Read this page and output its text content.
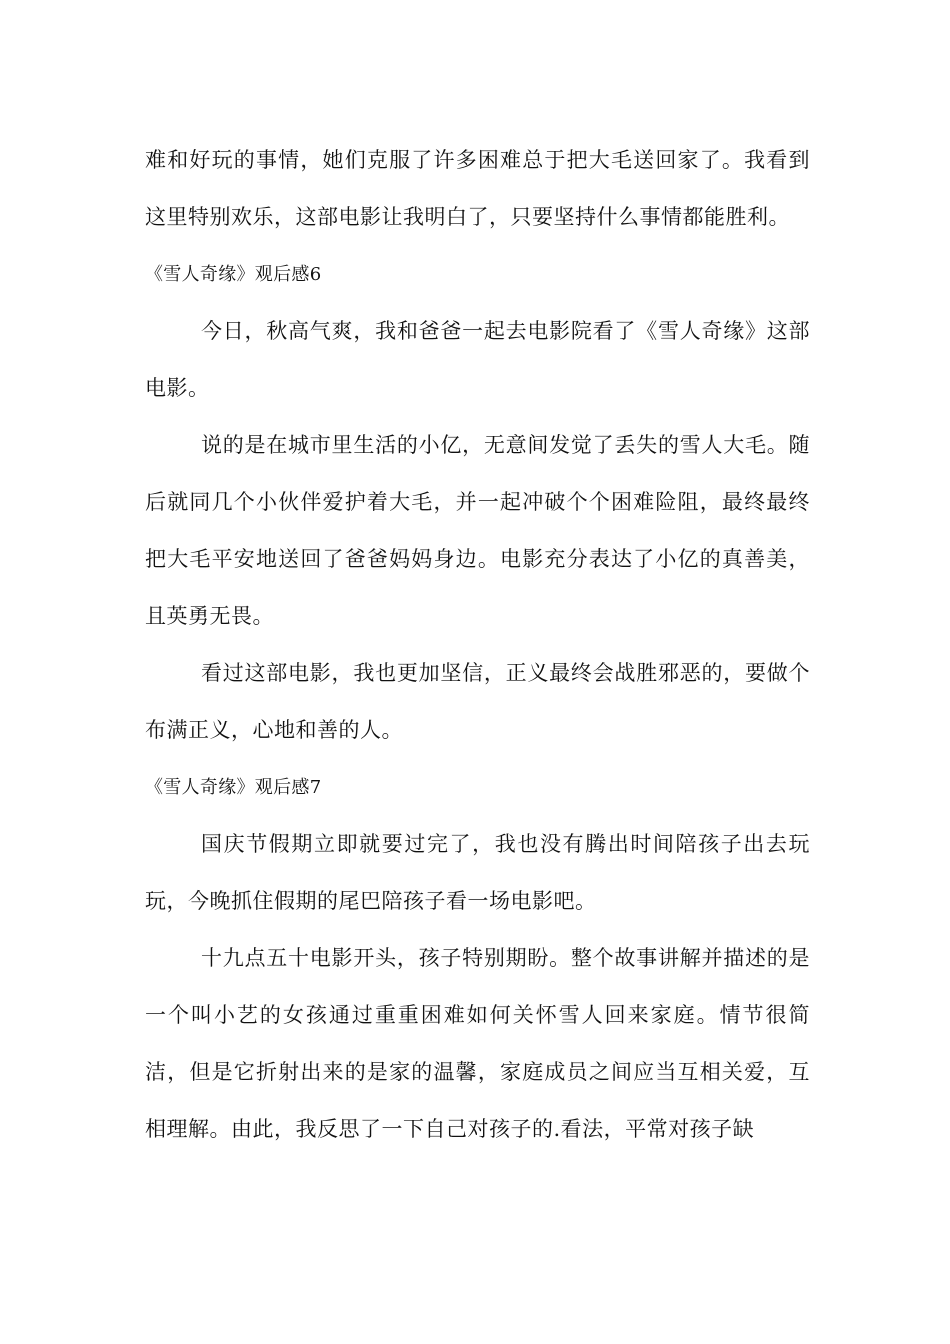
难和好玩的事情，她们克服了许多困难总于把大毛送回家了。我看到这里特别欢乐，这部电影让我明白了，只要坚持什么事情都能胜利。

《雪人奇缘》观后感6

今日，秋高气爽，我和爸爸一起去电影院看了《雪人奇缘》这部电影。

说的是在城市里生活的小亿，无意间发觉了丢失的雪人大毛。随后就同几个小伙伴爱护着大毛，并一起冲破个个困难险阻，最终最终把大毛平安地送回了爸爸妈妈身边。电影充分表达了小亿的真善美，且英勇无畏。

看过这部电影，我也更加坚信，正义最终会战胜邪恶的，要做个布满正义，心地和善的人。

《雪人奇缘》观后感7

国庆节假期立即就要过完了，我也没有腾出时间陪孩子出去玩玩，今晚抓住假期的尾巴陪孩子看一场电影吧。

十九点五十电影开头，孩子特别期盼。整个故事讲解并描述的是一个叫小艺的女孩通过重重困难如何关怀雪人回来家庭。情节很简洁，但是它折射出来的是家的温馨，家庭成员之间应当互相关爱，互相理解。由此，我反思了一下自己对孩子的.看法，平常对孩子缺
